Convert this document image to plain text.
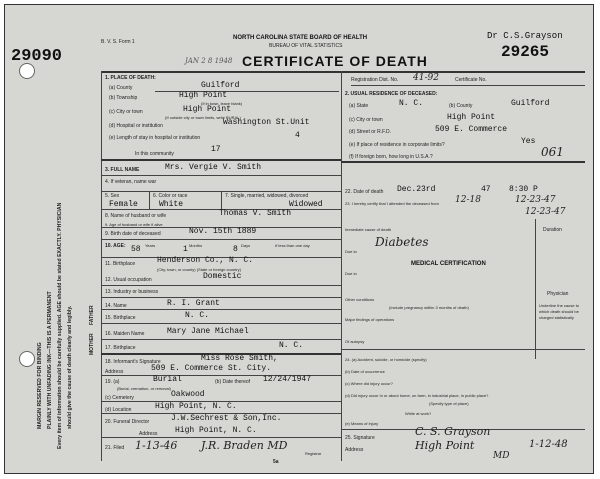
29090
MARGIN RESERVED FOR BINDING PLAINLY WITH UNFADING INK—THIS IS A PERMANENT Every item of information should be carefully supplied. AGE should be stated EXACTLY. PHYSICIAN should give the cause of death clearly and legibly.
B. V. S. Form 1
NORTH CAROLINA STATE BOARD OF HEALTH
BUREAU OF VITAL STATISTICS
CERTIFICATE OF DEATH
JAN 2 8 1948
Dr C.S.Grayson
29265
Registration Dist. No. 41-92	Certificate No.
1. PLACE OF DEATH:
(a) County	Guilford
(b) Township	High Point
(If in town, leave blank)
(c) City or town	High Point
(If outside city or town limits, write RURAL)
(d) Hospital or institution	Washington St.Unit
(e) Length of stay in hospital or institution	4
In this community	17
2. USUAL RESIDENCE OF DECEASED:
(a) State	N. C.	(b) County	Guilford
(c) City or town	High Point
(d) Street or R.F.D.	509 E. Commerce
(e) If place of residence in corporate limits?	Yes
(f) If foreign born, how long in U.S.A.?	061
3. FULL NAME	Mrs. Vergie V. Smith
4. If veteran, name war
5. Sex
Female
6. Color or race
White
7. Single, married, widowed, divorced
Widowed
8. Name of husband or wife	Thomas V. Smith
9. Age of husband or wife if alive
9. Birth date of deceased	Nov. 15th 1889
10. AGE: 58 Years	1 Months	8 Days	If less than one day
11. Birthplace	Henderson Co., N. C.
(City, town, or county) (State or foreign country)
12. Usual occupation	Domestic
13. Industry or business
FATHER
MOTHER
14. Name	R. I. Grant
15. Birthplace	N. C.
16. Maiden Name	Mary Jane Michael
17. Birthplace	N. C.
18. Informant's Signature	Miss Rose Smith,
Address	509 E. Commerce St. City.
19. (a)	Burial	(b) Date thereof 12/24/1947
(Burial, cremation, or removal)
(c) Cemetery	Oakwood
(d) Location	High Point, N. C.
20. Funeral Director	J.W.Sechrest & Son,Inc.
Address High Point, N. C.
21. Filed 1-13-46 J.R. Braden MD
Registrar
5a
22. Date of death Dec.23rd	47 8:30 P
23. I hereby certify that I attended the deceased from 12-18	12-23-47
12-23-47
Immediate cause of death
Diabetes
Duration
Due to
Due to
MEDICAL CERTIFICATION
Other conditions
(Include pregnancy within 3 months of death)
Physician
Underline the cause to which death should be charged statistically
Major findings of operations
Of autopsy
24. (a) Accident, suicide, or homicide (specify)
(b) Date of occurrence
(c) Where did injury occur?
(d) Did injury occur in or about home, on farm, in industrial place, in public place?
(Specify type of place)
While at work?
(e) Means of injury
25. Signature	C. S. Grayson
Address	High Point	1-12-48
MD
